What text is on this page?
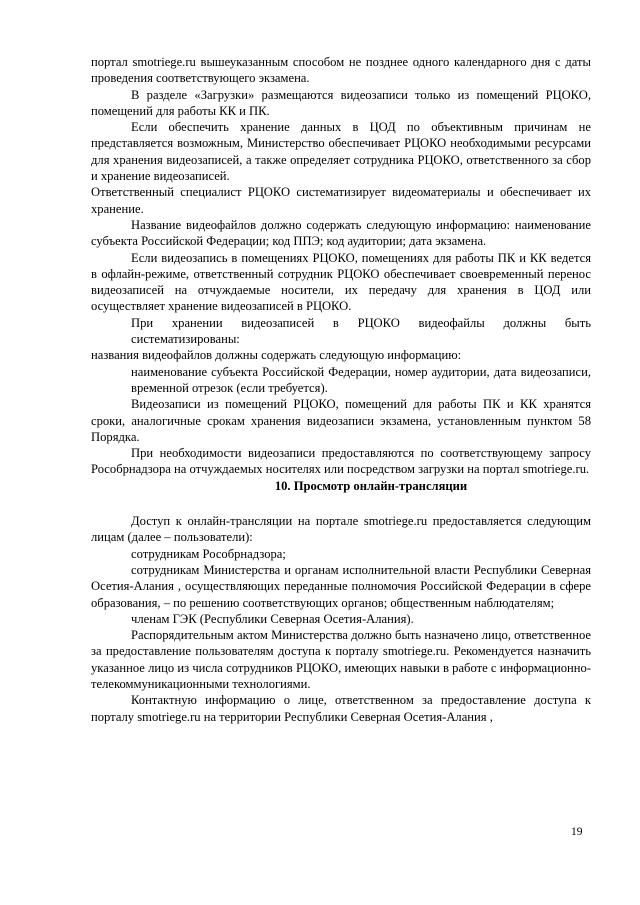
портал smotriege.ru вышеуказанным способом не позднее одного календарного дня с даты проведения соответствующего экзамена.

В разделе «Загрузки» размещаются видеозаписи только из помещений РЦОКО, помещений для работы КК и ПК.

Если обеспечить хранение данных в ЦОД по объективным причинам не представляется возможным, Министерство обеспечивает РЦОКО необходимыми ресурсами для хранения видеозаписей, а также определяет сотрудника РЦОКО, ответственного за сбор и хранение видеозаписей.

Ответственный специалист РЦОКО систематизирует видеоматериалы и обеспечивает их хранение.

Название видеофайлов должно содержать следующую информацию: наименование субъекта Российской Федерации; код ППЭ; код аудитории; дата экзамена.

Если видеозапись в помещениях РЦОКО, помещениях для работы ПК и КК ведется в офлайн-режиме, ответственный сотрудник РЦОКО обеспечивает своевременный перенос видеозаписей на отчуждаемые носители, их передачу для хранения в ЦОД или осуществляет хранение видеозаписей в РЦОКО.

При хранении видеозаписей в РЦОКО видеофайлы должны быть систематизированы:

названия видеофайлов должны содержать следующую информацию:

наименование субъекта Российской Федерации, номер аудитории, дата видеозаписи, временной отрезок (если требуется).

Видеозаписи из помещений РЦОКО, помещений для работы ПК и КК хранятся сроки, аналогичные срокам хранения видеозаписи экзамена, установленным пунктом 58 Порядка.

При необходимости видеозаписи предоставляются по соответствующему запросу Рособрнадзора на отчуждаемых носителях или посредством загрузки на портал smotriege.ru.

10. Просмотр онлайн-трансляции

Доступ к онлайн-трансляции на портале smotriege.ru предоставляется следующим лицам (далее – пользователи):

сотрудникам Рособрнадзора;

сотрудникам Министерства и органам исполнительной власти Республики Северная Осетия-Алания , осуществляющих переданные полномочия Российской Федерации в сфере образования, – по решению соответствующих органов; общественным наблюдателям;

членам ГЭК (Республики Северная Осетия-Алания).

Распорядительным актом Министерства должно быть назначено лицо, ответственное за предоставление пользователям доступа к порталу smotriege.ru. Рекомендуется назначить указанное лицо из числа сотрудников РЦОКО, имеющих навыки в работе с информационно-телекоммуникационными технологиями.

Контактную информацию о лице, ответственном за предоставление доступа к порталу smotriege.ru на территории Республики Северная Осетия-Алания ,

19
